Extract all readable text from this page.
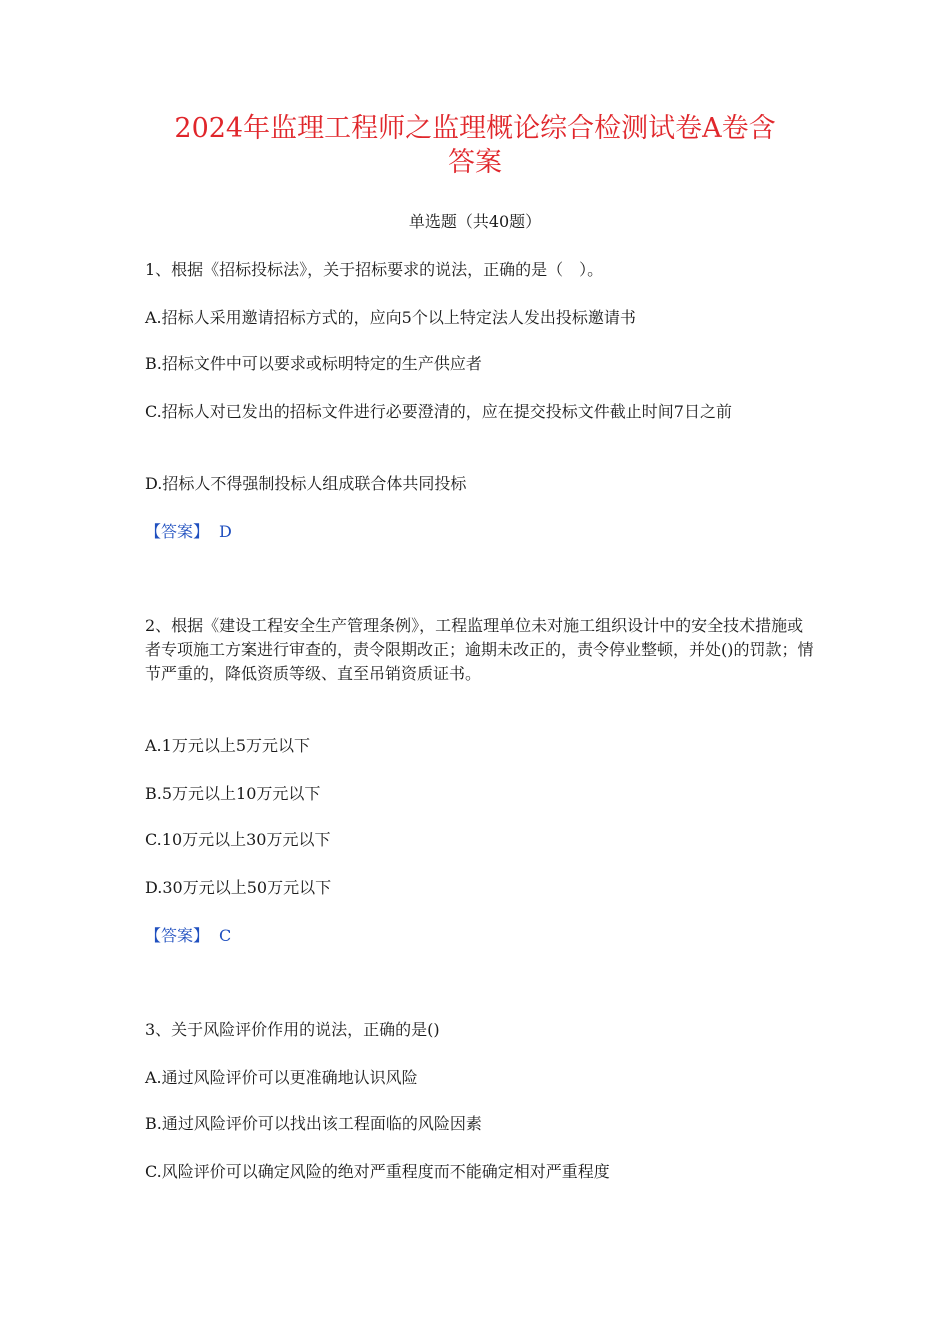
2024年监理工程师之监理概论综合检测试卷A卷含
答案
单选题（共40题）
1、根据《招标投标法》，关于招标要求的说法，正确的是（　）。
A.招标人采用邀请招标方式的，应向5个以上特定法人发出投标邀请书
B.招标文件中可以要求或标明特定的生产供应者
C.招标人对已发出的招标文件进行必要澄清的，应在提交投标文件截止时间7日之前
D.招标人不得强制投标人组成联合体共同投标
【答案】 D
2、根据《建设工程安全生产管理条例》，工程监理单位未对施工组织设计中的安全技术措施或者专项施工方案进行审查的，责令限期改正；逾期未改正的，责令停业整顿，并处()的罚款；情节严重的，降低资质等级、直至吊销资质证书。
A.1万元以上5万元以下
B.5万元以上10万元以下
C.10万元以上30万元以下
D.30万元以上50万元以下
【答案】 C
3、关于风险评价作用的说法，正确的是()
A.通过风险评价可以更准确地认识风险
B.通过风险评价可以找出该工程面临的风险因素
C.风险评价可以确定风险的绝对严重程度而不能确定相对严重程度
